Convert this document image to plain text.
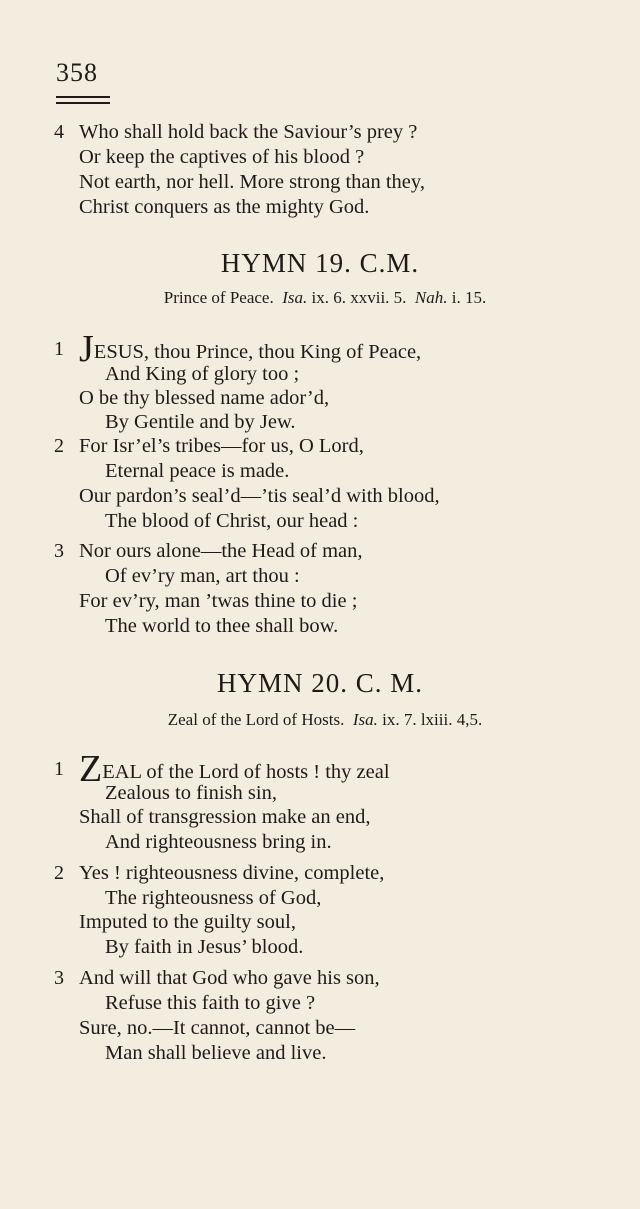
358
4 Who shall hold back the Saviour’s prey ?
Or keep the captives of his blood ?
Not earth, nor hell. More strong than they,
Christ conquers as the mighty God.
HYMN 19. C.M.
Prince of Peace. Isa. ix. 6. xxvii. 5. Nah. i. 15.
1 JESUS, thou Prince, thou King of Peace,
And King of glory too ;
O be thy blessed name ador’d,
By Gentile and by Jew.
2 For Isr’el’s tribes—for us, O Lord,
Eternal peace is made.
Our pardon’s seal’d—’tis seal’d with blood,
The blood of Christ, our head :
3 Nor ours alone—the Head of man,
Of ev’ry man, art thou :
For ev’ry, man ’twas thine to die ;
The world to thee shall bow.
HYMN 20. C. M.
Zeal of the Lord of Hosts. Isa. ix. 7. lxiii. 4,5.
1 ZEAL of the Lord of hosts ! thy zeal
Zealous to finish sin,
Shall of transgression make an end,
And righteousness bring in.
2 Yes ! righteousness divine, complete,
The righteousness of God,
Imputed to the guilty soul,
By faith in Jesus’ blood.
3 And will that God who gave his son,
Refuse this faith to give ?
Sure, no.—It cannot, cannot be—
Man shall believe and live.
